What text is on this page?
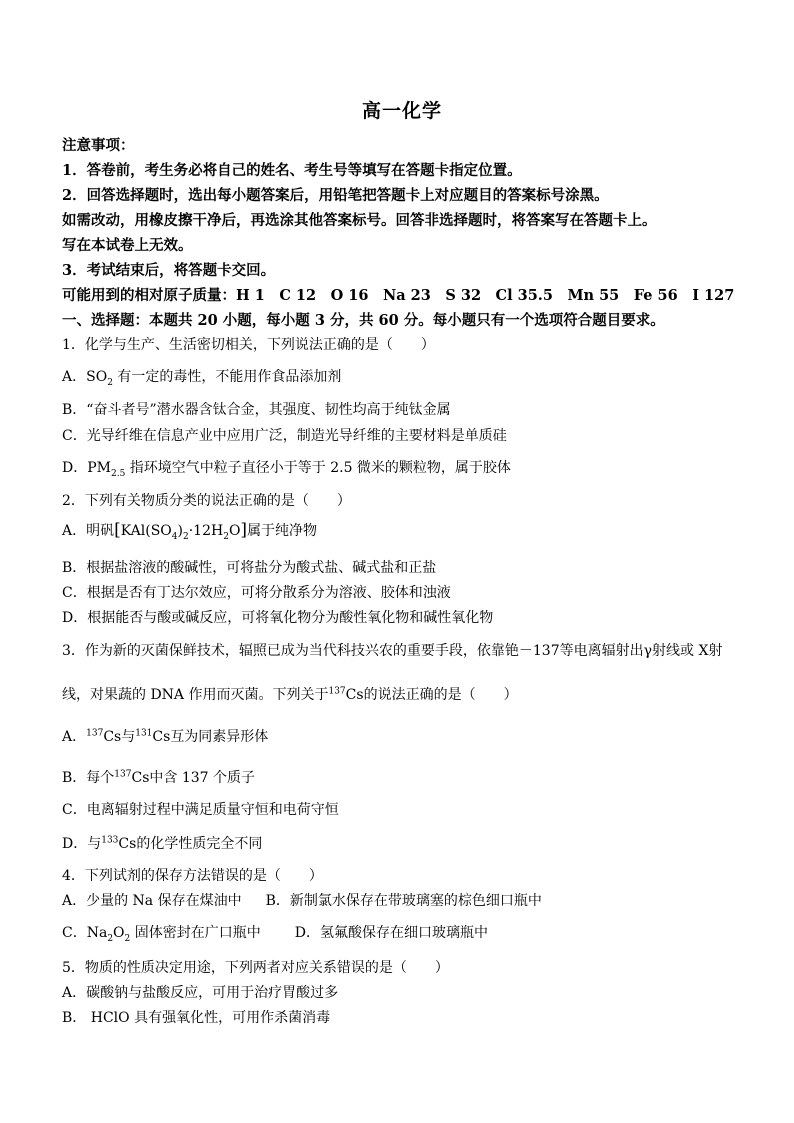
高一化学
注意事项：
1．答卷前，考生务必将自己的姓名、考生号等填写在答题卡指定位置。
2．回答选择题时，选出每小题答案后，用铅笔把答题卡上对应题目的答案标号涂黑。
如需改动，用橡皮擦干净后，再选涂其他答案标号。回答非选择题时，将答案写在答题卡上。
写在本试卷上无效。
3．考试结束后，将答题卡交回。
可能用到的相对原子质量：H 1　C 12　O 16　Na 23　S 32　Cl 35.5　Mn 55　Fe 56　I 127
一、选择题：本题共 20 小题，每小题 3 分，共 60 分。每小题只有一个选项符合题目要求。
1．化学与生产、生活密切相关，下列说法正确的是（　　）
A．$SO_2$ 有一定的毒性，不能用作食品添加剂
B．“奋斗者号”潜水器含钛合金，其强度、韧性均高于纯钛金属
C．光导纤维在信息产业中应用广泛，制造光导纤维的主要材料是单质硅
D．$PM_{2.5}$ 指环境空气中粒子直径小于等于 2.5 微米的颗粒物，属于胶体
2．下列有关物质分类的说法正确的是（　　）
A．明矾$[KAl(SO_4)_2\cdot 12H_2O]$属于纯净物
B．根据盐溶液的酸碱性，可将盐分为酸式盐、碱式盐和正盐
C．根据是否有丁达尔效应，可将分散系分为溶液、胶体和浊液
D．根据能否与酸或碱反应，可将氧化物分为酸性氧化物和碱性氧化物
3．作为新的灭菌保鲜技术，辐照已成为当代科技兴农的重要手段，依靠铯－137等电离辐射出γ射线或 X射
线，对果蔬的 DNA 作用而灭菌。下列关于$^{137}$Cs的说法正确的是（　　）
A．$^{137}$Cs与$^{131}$Cs互为同素异形体
B．每个$^{137}$Cs中含 137 个质子
C．电离辐射过程中满足质量守恒和电荷守恒
D．与$^{133}$Cs的化学性质完全不同
4．下列试剂的保存方法错误的是（　　）
A．少量的 Na 保存在煤油中 B．新制氯水保存在带玻璃塞的棕色细口瓶中
C．$Na_2O_2$ 固体密封在广口瓶中 D．氢氟酸保存在细口玻璃瓶中
5．物质的性质决定用途，下列两者对应关系错误的是（　　）
A．碳酸钠与盐酸反应，可用于治疗胃酸过多
B． HClO 具有强氧化性，可用作杀菌消毒
